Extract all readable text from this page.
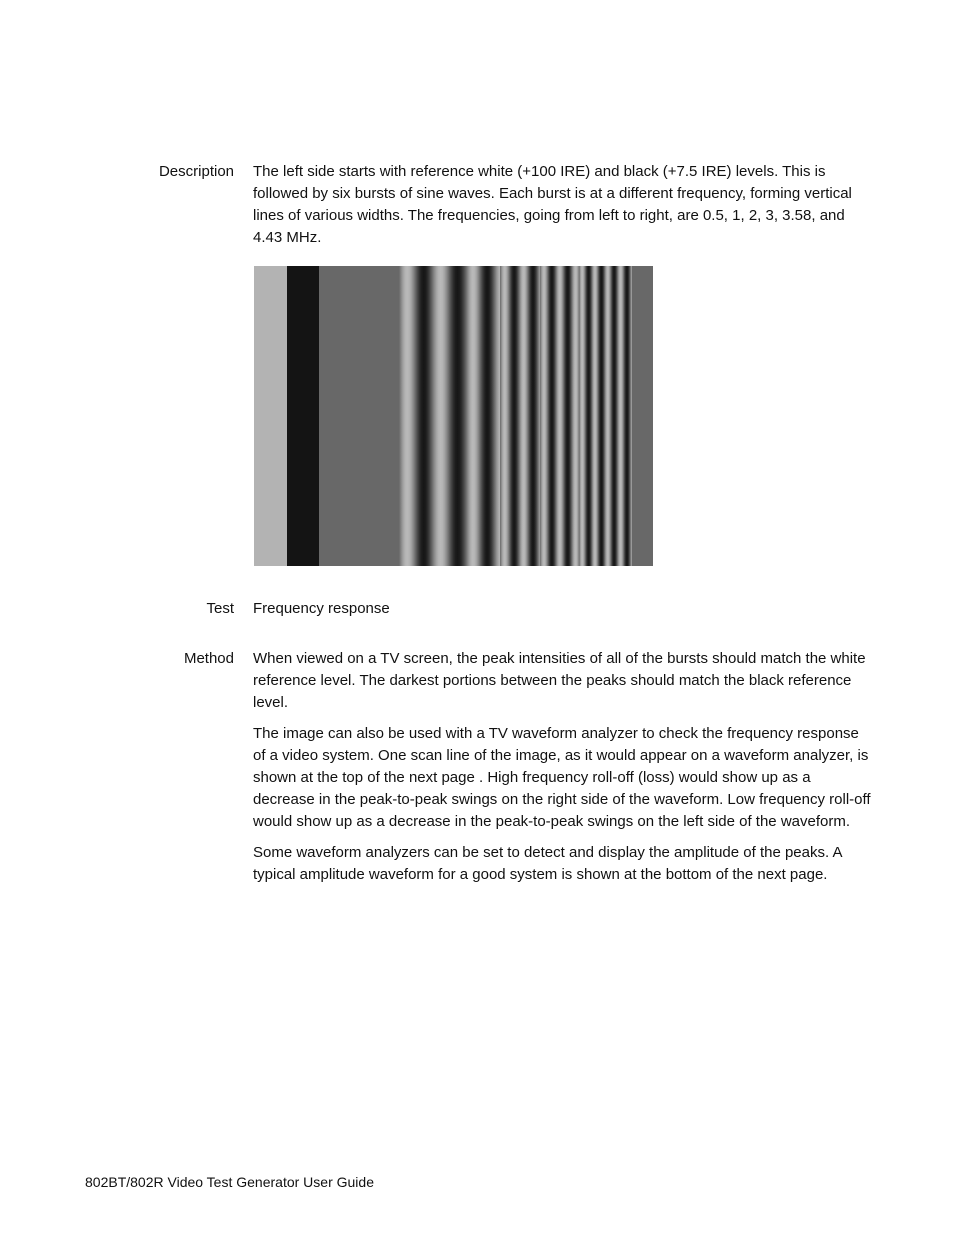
Description The left side starts with reference white (+100 IRE) and black (+7.5 IRE) levels. This is followed by six bursts of sine waves. Each burst is at a different frequency, forming vertical lines of various widths. The frequencies, going from left to right, are 0.5, 1, 2, 3, 3.58, and 4.43 MHz.

Test Frequency response

Method When viewed on a TV screen, the peak intensities of all of the bursts should match the white reference level. The darkest portions between the peaks should match the black reference level.

The image can also be used with a TV waveform analyzer to check the frequency response of a video system. One scan line of the image, as it would appear on a waveform analyzer, is shown at the top of the next page . High frequency roll-off (loss) would show up as a decrease in the peak-to-peak swings on the right side of the waveform. Low frequency roll-off would show up as a decrease in the peak-to-peak swings on the left side of the waveform.

Some waveform analyzers can be set to detect and display the amplitude of the peaks. A typical amplitude waveform for a good system is shown at the bottom of the next page.

802BT/802R Video Test Generator User Guide
